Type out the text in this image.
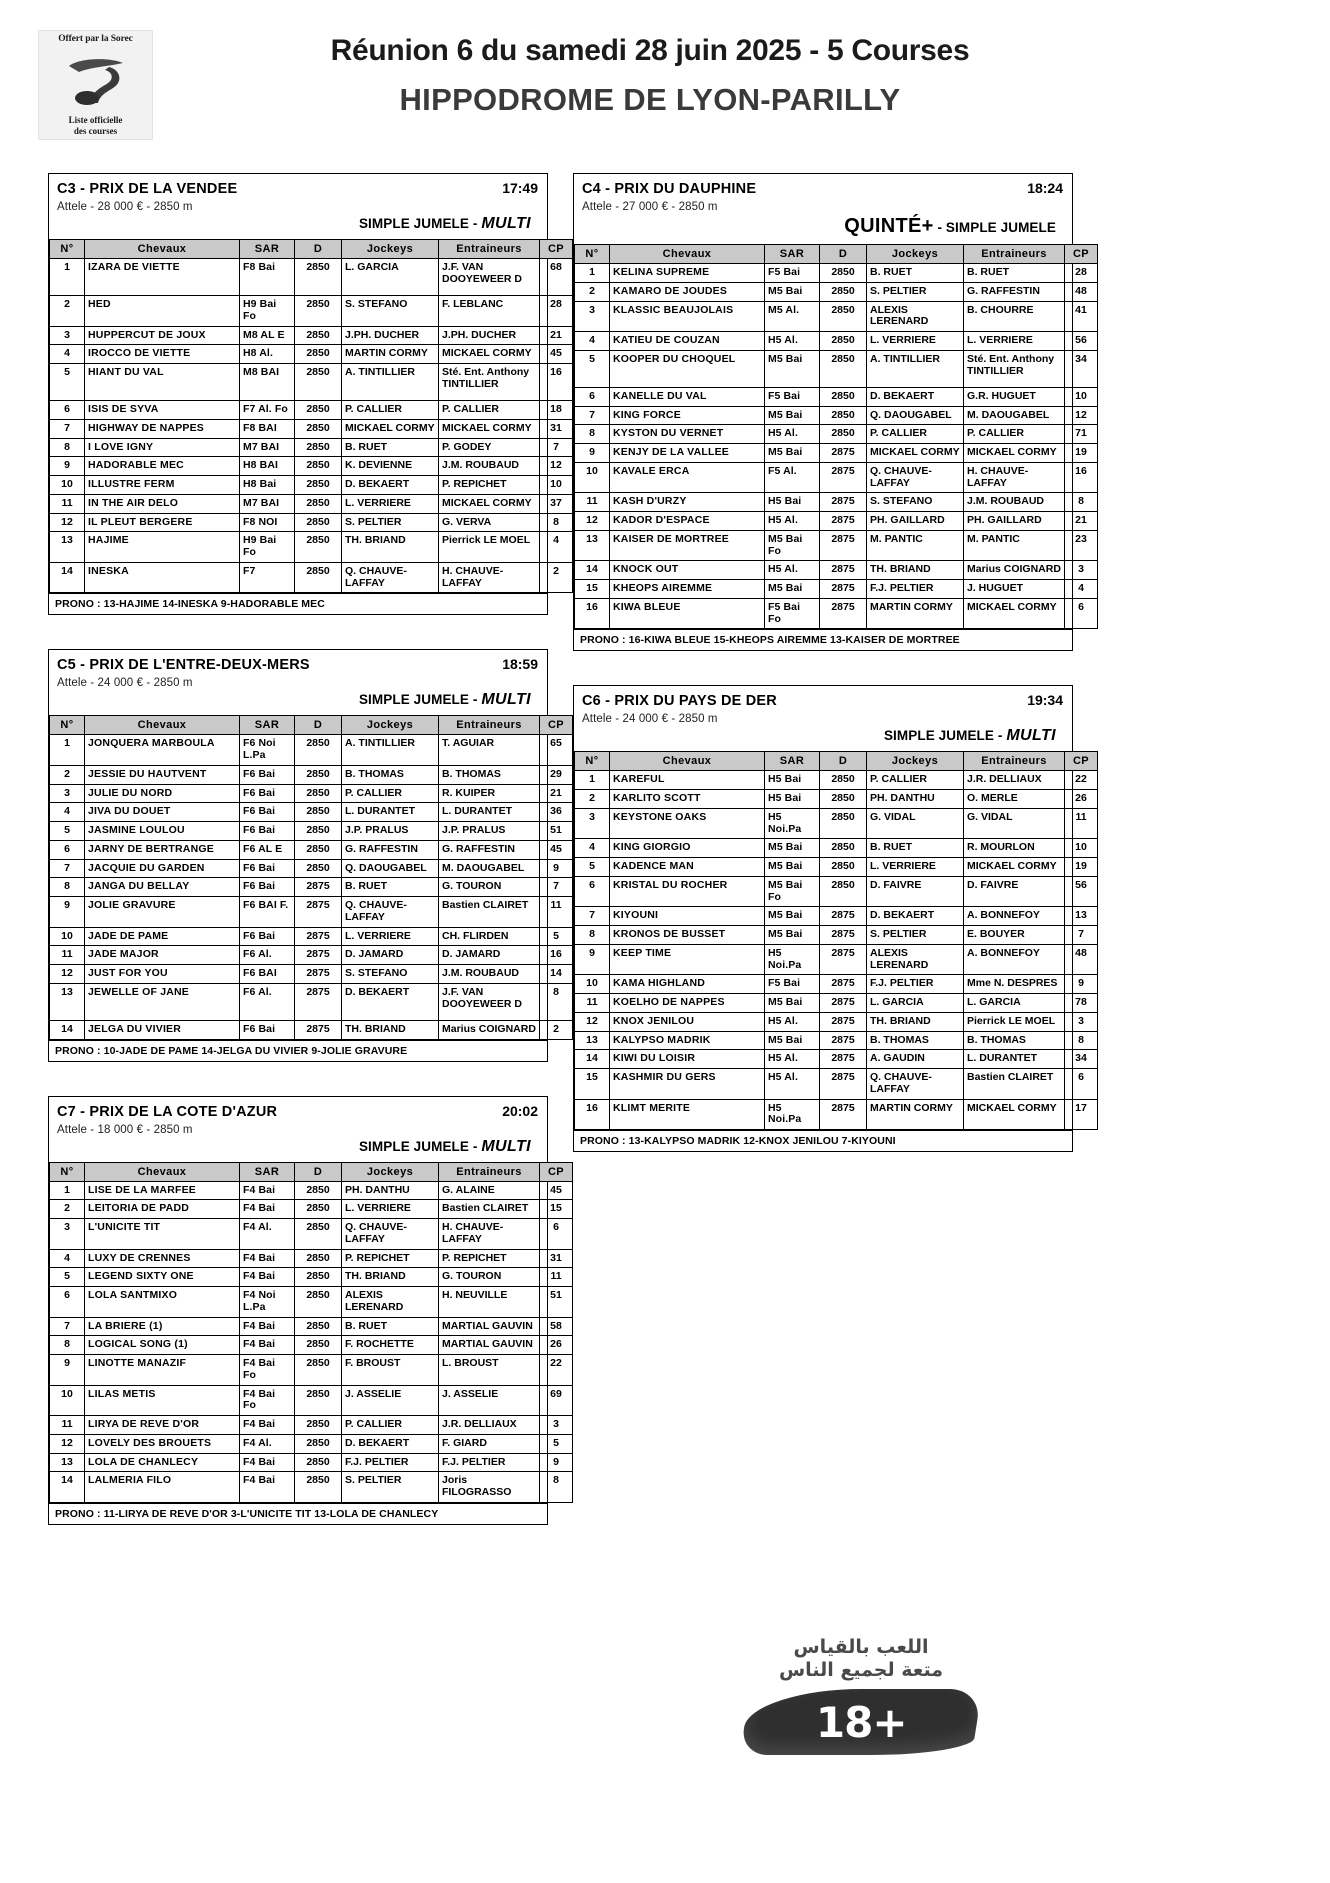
Offert par la Sorec
Liste officielle
des courses
Réunion 6 du samedi 28 juin 2025 - 5 Courses
HIPPODROME DE LYON-PARILLY
C3 - PRIX DE LA VENDEE	17:49
Attele - 28 000 € - 2850 m
SIMPLE JUMELE - MULTI
N°	Chevaux	SAR	D	Jockeys	Entraineurs	CP
1	IZARA DE VIETTE	F8 Bai	2850	L. GARCIA	J.F. VAN DOOYEWEER D	68
2	HED	H9 Bai Fo	2850	S. STEFANO	F. LEBLANC	28
3	HUPPERCUT DE JOUX	M8 AL E	2850	J.PH. DUCHER	J.PH. DUCHER	21
4	IROCCO DE VIETTE	H8 Al.	2850	MARTIN CORMY	MICKAEL CORMY	45
5	HIANT DU VAL	M8 BAI	2850	A. TINTILLIER	Sté. Ent. Anthony TINTILLIER	16
6	ISIS DE SYVA	F7 Al. Fo	2850	P. CALLIER	P. CALLIER	18
7	HIGHWAY DE NAPPES	F8 BAI	2850	MICKAEL CORMY	MICKAEL CORMY	31
8	I LOVE IGNY	M7 BAI	2850	B. RUET	P. GODEY	7
9	HADORABLE MEC	H8 BAI	2850	K. DEVIENNE	J.M. ROUBAUD	12
10	ILLUSTRE FERM	H8 Bai	2850	D. BEKAERT	P. REPICHET	10
11	IN THE AIR DELO	M7 BAI	2850	L. VERRIERE	MICKAEL CORMY	37
12	IL PLEUT BERGERE	F8 NOI	2850	S. PELTIER	G. VERVA	8
13	HAJIME	H9 Bai Fo	2850	TH. BRIAND	Pierrick LE MOEL	4
14	INESKA	F7	2850	Q. CHAUVE-LAFFAY	H. CHAUVE-LAFFAY	2
PRONO : 13-HAJIME 14-INESKA 9-HADORABLE MEC
C5 - PRIX DE L'ENTRE-DEUX-MERS	18:59
Attele - 24 000 € - 2850 m
SIMPLE JUMELE - MULTI
N°	Chevaux	SAR	D	Jockeys	Entraineurs	CP
1	JONQUERA MARBOULA	F6 Noi L.Pa	2850	A. TINTILLIER	T. AGUIAR	65
2	JESSIE DU HAUTVENT	F6 Bai	2850	B. THOMAS	B. THOMAS	29
3	JULIE DU NORD	F6 Bai	2850	P. CALLIER	R. KUIPER	21
4	JIVA DU DOUET	F6 Bai	2850	L. DURANTET	L. DURANTET	36
5	JASMINE LOULOU	F6 Bai	2850	J.P. PRALUS	J.P. PRALUS	51
6	JARNY DE BERTRANGE	F6 AL E	2850	G. RAFFESTIN	G. RAFFESTIN	45
7	JACQUIE DU GARDEN	F6 Bai	2850	Q. DAOUGABEL	M. DAOUGABEL	9
8	JANGA DU BELLAY	F6 Bai	2875	B. RUET	G. TOURON	7
9	JOLIE GRAVURE	F6 BAI F.	2875	Q. CHAUVE-LAFFAY	Bastien CLAIRET	11
10	JADE DE PAME	F6 Bai	2875	L. VERRIERE	CH. FLIRDEN	5
11	JADE MAJOR	F6 Al.	2875	D. JAMARD	D. JAMARD	16
12	JUST FOR YOU	F6 BAI	2875	S. STEFANO	J.M. ROUBAUD	14
13	JEWELLE OF JANE	F6 Al.	2875	D. BEKAERT	J.F. VAN DOOYEWEER D	8
14	JELGA DU VIVIER	F6 Bai	2875	TH. BRIAND	Marius COIGNARD	2
PRONO : 10-JADE DE PAME 14-JELGA DU VIVIER 9-JOLIE GRAVURE
C7 - PRIX DE LA COTE D'AZUR	20:02
Attele - 18 000 € - 2850 m
SIMPLE JUMELE - MULTI
N°	Chevaux	SAR	D	Jockeys	Entraineurs	CP
1	LISE DE LA MARFEE	F4 Bai	2850	PH. DANTHU	G. ALAINE	45
2	LEITORIA DE PADD	F4 Bai	2850	L. VERRIERE	Bastien CLAIRET	15
3	L'UNICITE TIT	F4 Al.	2850	Q. CHAUVE-LAFFAY	H. CHAUVE-LAFFAY	6
4	LUXY DE CRENNES	F4 Bai	2850	P. REPICHET	P. REPICHET	31
5	LEGEND SIXTY ONE	F4 Bai	2850	TH. BRIAND	G. TOURON	11
6	LOLA SANTMIXO	F4 Noi L.Pa	2850	ALEXIS LERENARD	H. NEUVILLE	51
7	LA BRIERE (1)	F4 Bai	2850	B. RUET	MARTIAL GAUVIN	58
8	LOGICAL SONG (1)	F4 Bai	2850	F. ROCHETTE	MARTIAL GAUVIN	26
9	LINOTTE MANAZIF	F4 Bai Fo	2850	F. BROUST	L. BROUST	22
10	LILAS METIS	F4 Bai Fo	2850	J. ASSELIE	J. ASSELIE	69
11	LIRYA DE REVE D'OR	F4 Bai	2850	P. CALLIER	J.R. DELLIAUX	3
12	LOVELY DES BROUETS	F4 Al.	2850	D. BEKAERT	F. GIARD	5
13	LOLA DE CHANLECY	F4 Bai	2850	F.J. PELTIER	F.J. PELTIER	9
14	LALMERIA FILO	F4 Bai	2850	S. PELTIER	Joris FILOGRASSO	8
PRONO : 11-LIRYA DE REVE D'OR 3-L'UNICITE TIT 13-LOLA DE CHANLECY
C4 - PRIX DU DAUPHINE	18:24
Attele - 27 000 € - 2850 m
QUINTÉ+ - SIMPLE JUMELE
N°	Chevaux	SAR	D	Jockeys	Entraineurs	CP
1	KELINA SUPREME	F5 Bai	2850	B. RUET	B. RUET	28
2	KAMARO DE JOUDES	M5 Bai	2850	S. PELTIER	G. RAFFESTIN	48
3	KLASSIC BEAUJOLAIS	M5 Al.	2850	ALEXIS LERENARD	B. CHOURRE	41
4	KATIEU DE COUZAN	H5 Al.	2850	L. VERRIERE	L. VERRIERE	56
5	KOOPER DU CHOQUEL	M5 Bai	2850	A. TINTILLIER	Sté. Ent. Anthony TINTILLIER	34
6	KANELLE DU VAL	F5 Bai	2850	D. BEKAERT	G.R. HUGUET	10
7	KING FORCE	M5 Bai	2850	Q. DAOUGABEL	M. DAOUGABEL	12
8	KYSTON DU VERNET	H5 Al.	2850	P. CALLIER	P. CALLIER	71
9	KENJY DE LA VALLEE	M5 Bai	2875	MICKAEL CORMY	MICKAEL CORMY	19
10	KAVALE ERCA	F5 Al.	2875	Q. CHAUVE-LAFFAY	H. CHAUVE-LAFFAY	16
11	KASH D'URZY	H5 Bai	2875	S. STEFANO	J.M. ROUBAUD	8
12	KADOR D'ESPACE	H5 Al.	2875	PH. GAILLARD	PH. GAILLARD	21
13	KAISER DE MORTREE	M5 Bai Fo	2875	M. PANTIC	M. PANTIC	23
14	KNOCK OUT	H5 Al.	2875	TH. BRIAND	Marius COIGNARD	3
15	KHEOPS AIREMME	M5 Bai	2875	F.J. PELTIER	J. HUGUET	4
16	KIWA BLEUE	F5 Bai Fo	2875	MARTIN CORMY	MICKAEL CORMY	6
PRONO : 16-KIWA BLEUE 15-KHEOPS AIREMME 13-KAISER DE MORTREE
C6 - PRIX DU PAYS DE DER	19:34
Attele - 24 000 € - 2850 m
SIMPLE JUMELE - MULTI
N°	Chevaux	SAR	D	Jockeys	Entraineurs	CP
1	KAREFUL	H5 Bai	2850	P. CALLIER	J.R. DELLIAUX	22
2	KARLITO SCOTT	H5 Bai	2850	PH. DANTHU	O. MERLE	26
3	KEYSTONE OAKS	H5 Noi.Pa	2850	G. VIDAL	G. VIDAL	11
4	KING GIORGIO	M5 Bai	2850	B. RUET	R. MOURLON	10
5	KADENCE MAN	M5 Bai	2850	L. VERRIERE	MICKAEL CORMY	19
6	KRISTAL DU ROCHER	M5 Bai Fo	2850	D. FAIVRE	D. FAIVRE	56
7	KIYOUNI	M5 Bai	2875	D. BEKAERT	A. BONNEFOY	13
8	KRONOS DE BUSSET	M5 Bai	2875	S. PELTIER	E. BOUYER	7
9	KEEP TIME	H5 Noi.Pa	2875	ALEXIS LERENARD	A. BONNEFOY	48
10	KAMA HIGHLAND	F5 Bai	2875	F.J. PELTIER	Mme N. DESPRES	9
11	KOELHO DE NAPPES	M5 Bai	2875	L. GARCIA	L. GARCIA	78
12	KNOX JENILOU	H5 Al.	2875	TH. BRIAND	Pierrick LE MOEL	3
13	KALYPSO MADRIK	M5 Bai	2875	B. THOMAS	B. THOMAS	8
14	KIWI DU LOISIR	H5 Al.	2875	A. GAUDIN	L. DURANTET	34
15	KASHMIR DU GERS	H5 Al.	2875	Q. CHAUVE-LAFFAY	Bastien CLAIRET	6
16	KLIMT MERITE	H5 Noi.Pa	2875	MARTIN CORMY	MICKAEL CORMY	17
PRONO : 13-KALYPSO MADRIK 12-KNOX JENILOU 7-KIYOUNI
اللعب بالقياس
متعة لجميع الناس
18+
